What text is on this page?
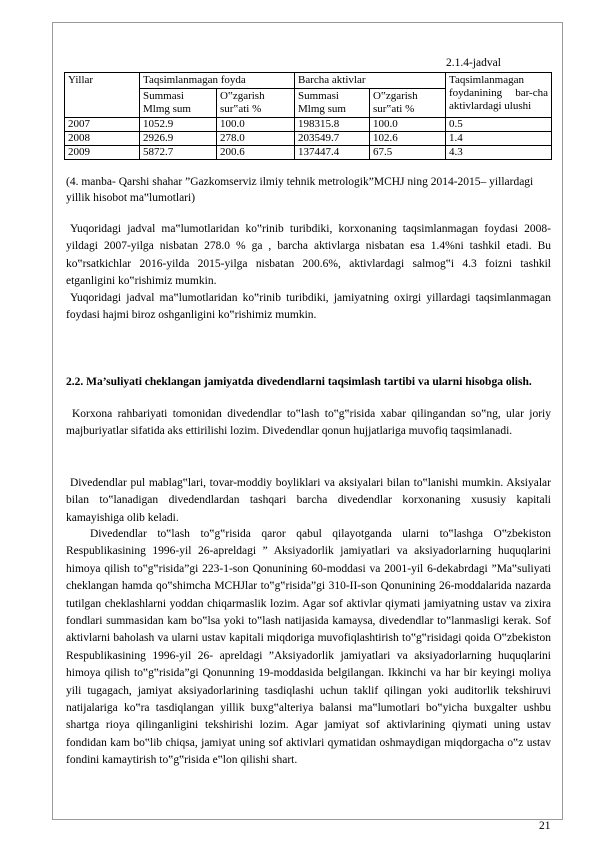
2.1.4-jadval
Yillar	Taqsimlanmagan foyda		Barcha aktivlar		Taqsimlanmagan foydanining bar-cha aktivlardagi ulushi
	Summasi Mlmg sum	O‟zgarish sur‟ati %	Summasi Mlmg sum	O‟zgarish sur‟ati %	
2007	1052.9	100.0	198315.8	100.0	0.5
2008	2926.9	278.0	203549.7	102.6	1.4
2009	5872.7	200.6	137447.4	67.5	4.3

(4. manba- Qarshi shahar ”Gazkomserviz ilmiy tehnik metrologik”MCHJ ning 2014-2015– yillardagi yillik hisobot ma‟lumotlari)

Yuqoridagi jadval ma‟lumotlaridan ko‟rinib turibdiki, korxonaning taqsimlanmagan foydasi 2008-yildagi 2007-yilga nisbatan 278.0 % ga , barcha aktivlarga nisbatan esa 1.4%ni tashkil etadi. Bu ko‟rsatkichlar 2016-yilda 2015-yilga nisbatan 200.6%, aktivlardagi salmog‟i 4.3 foizni tashkil etganligini ko‟rishimiz mumkin.

Yuqoridagi jadval ma‟lumotlaridan ko‟rinib turibdiki, jamiyatning oxirgi yillardagi taqsimlanmagan foydasi hajmi biroz oshganligini ko‟rishimiz mumkin.

2.2. Ma’suliyati cheklangan jamiyatda divedendlarni taqsimlash tartibi va ularni hisobga olish.

Korxona rahbariyati tomonidan divedendlar to‟lash to‟g‟risida xabar qilingandan so‟ng, ular joriy majburiyatlar sifatida aks ettirilishi lozim. Divedendlar qonun hujjatlariga muvofiq taqsimlanadi.

Divedendlar pul mablag‟lari, tovar-moddiy boyliklari va aksiyalari bilan to‟lanishi mumkin. Aksiyalar bilan to‟lanadigan divedendlardan tashqari barcha divedendlar korxonaning xususiy kapitali kamayishiga olib keladi.

Divedendlar to‟lash to‟g‟risida qaror qabul qilayotganda ularni to‟lashga O‟zbekiston Respublikasining 1996-yil 26-apreldagi ” Aksiyadorlik jamiyatlari va aksiyadorlarning huquqlarini himoya qilish to‟g‟risida”gi 223-1-son Qonunining 60-moddasi va 2001-yil 6-dekabrdagi ”Ma‟suliyati cheklangan hamda qo‟shimcha MCHJlar to‟g‟risida”gi 310-II-son Qonunining 26-moddalarida nazarda tutilgan cheklashlarni yoddan chiqarmaslik lozim. Agar sof aktivlar qiymati jamiyatning ustav va zixira fondlari summasidan kam bo‟lsa yoki to‟lash natijasida kamaysa, divedendlar to‟lanmasligi kerak. Sof aktivlarni baholash va ularni ustav kapitali miqdoriga muvofiqlashtirish to‟g‟risidagi qoida O‟zbekiston Respublikasining 1996-yil 26- apreldagi ”Aksiyadorlik jamiyatlari va aksiyadorlarning huquqlarini himoya qilish to‟g‟risida”gi Qonunning 19-moddasida belgilangan. Ikkinchi va har bir keyingi moliya yili tugagach, jamiyat aksiyadorlarining tasdiqlashi uchun taklif qilingan yoki auditorlik tekshiruvi natijalariga ko‟ra tasdiqlangan yillik buxg‟alteriya balansi ma‟lumotlari bo‟yicha buxgalter ushbu shartga rioya qilinganligini tekshirishi lozim. Agar jamiyat sof aktivlarining qiymati uning ustav fondidan kam bo‟lib chiqsa, jamiyat uning sof aktivlari qymatidan oshmaydigan miqdorgacha o‟z ustav fondini kamaytirish to‟g‟risida e‟lon qilishi shart.

21
